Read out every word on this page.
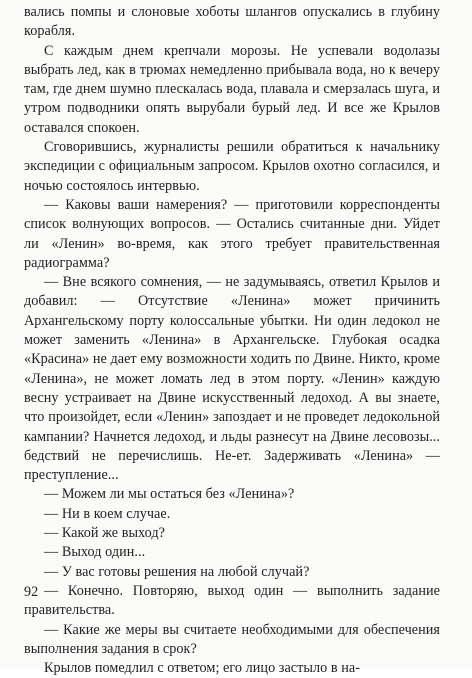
вались помпы и слоновые хоботы шлангов опускались в глубину корабля.

С каждым днем крепчали морозы. Не успевали водолазы выбрать лед, как в трюмах немедленно прибывала вода, но к вечеру там, где днем шумно плескалась вода, плавала и смерзалась шуга, и утром подводники опять вырубали бурый лед. И все же Крылов оставался спокоен.

Сговорившись, журналисты решили обратиться к начальнику экспедиции с официальным запросом. Крылов охотно согласился, и ночью состоялось интервью.

— Каковы ваши намерения? — приготовили корреспонденты список волнующих вопросов. — Остались считанные дни. Уйдет ли «Ленин» во-время, как этого требует правительственная радиограмма?

— Вне всякого сомнения, — не задумываясь, ответил Крылов и добавил: — Отсутствие «Ленина» может причинить Архангельскому порту колоссальные убытки. Ни один ледокол не может заменить «Ленина» в Архангельске. Глубокая осадка «Красина» не дает ему возможности ходить по Двине. Никто, кроме «Ленина», не может ломать лед в этом порту. «Ленин» каждую весну устраивает на Двине искусственный ледоход. А вы знаете, что произойдет, если «Ленин» запоздает и не проведет ледокольной кампании? Начнется ледоход, и льды разнесут на Двине лесовозы... бедствий не перечислишь. Не-ет. Задерживать «Ленина» — преступление...

— Можем ли мы остаться без «Ленина»?

— Ни в коем случае.

— Какой же выход?

— Выход один...

— У вас готовы решения на любой случай?

— Конечно. Повторяю, выход один — выполнить задание правительства.

— Какие же меры вы считаете необходимыми для обеспечения выполнения задания в срок?

Крылов помедлил с ответом; его лицо застыло в на-

92
